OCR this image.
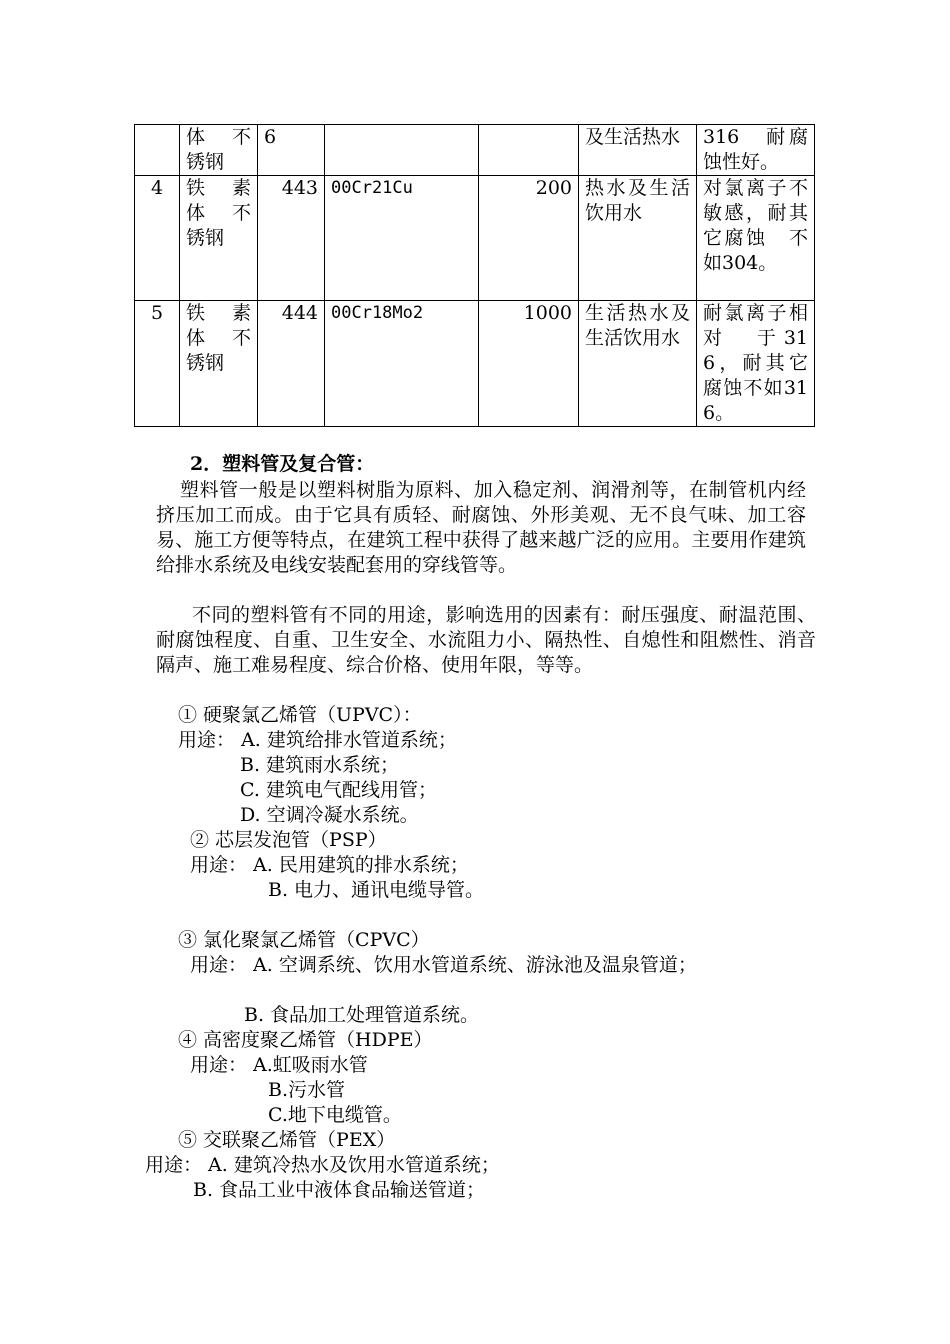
	体　不锈钢	6			及生活热水	316　耐腐蚀性好。
4	铁　素体　不锈钢	443	00Cr21Cu	200	热水及生活饮用水	对氯离子不敏感，耐其它腐蚀　不　如304。
5	铁　素体　不锈钢	444	00Cr18Mo2	1000	生活热水及生活饮用水	耐氯离子相　对　于316，耐其它腐蚀不如316。
2．塑料管及复合管：
塑料管一般是以塑料树脂为原料、加入稳定剂、润滑剂等，在制管机内经挤压加工而成。由于它具有质轻、耐腐蚀、外形美观、无不良气味、加工容易、施工方便等特点，在建筑工程中获得了越来越广泛的应用。主要用作建筑给排水系统及电线安装配套用的穿线管等。
不同的塑料管有不同的用途，影响选用的因素有：耐压强度、耐温范围、耐腐蚀程度、自重、卫生安全、水流阻力小、隔热性、自熄性和阻燃性、消音隔声、施工难易程度、综合价格、使用年限，等等。
① 硬聚氯乙烯管（UPVC）：
用途： A. 建筑给排水管道系统；
B. 建筑雨水系统；
C. 建筑电气配线用管；
D. 空调冷凝水系统。
② 芯层发泡管（PSP）
用途： A. 民用建筑的排水系统；
B. 电力、通讯电缆导管。
③ 氯化聚氯乙烯管（CPVC）
用途： A. 空调系统、饮用水管道系统、游泳池及温泉管道；
B. 食品加工处理管道系统。
④ 高密度聚乙烯管（HDPE）
用途： A.虹吸雨水管
B.污水管
C.地下电缆管。
⑤ 交联聚乙烯管（PEX）
用途： A. 建筑冷热水及饮用水管道系统；
B. 食品工业中液体食品输送管道；
